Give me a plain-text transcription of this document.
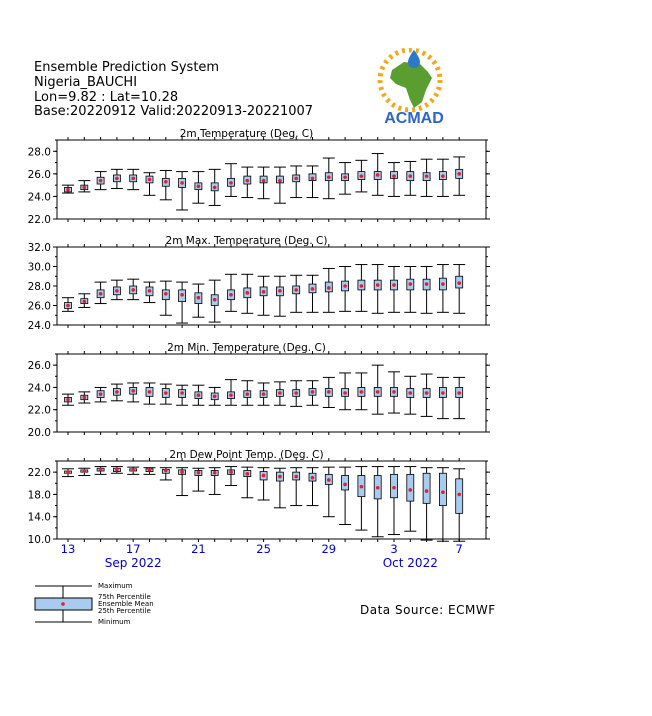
Ensemble Prediction System
Nigeria_BAUCHI
Lon=9.82 : Lat=10.28
Base:20220912 Valid:20220913-20221007	ACMAD
2m Temperature (Deg. C)
22.0
24.0
26.0
28.0
2m Max. Temperature (Deg. C)
24.0
26.0
28.0
30.0
32.0
2m Min. Temperature (Deg. C)
20.0
22.0
24.0
26.0
2m Dew Point Temp. (Deg. C)
10.0
14.0
18.0
22.0
13	17	21	25	29	3	7
Sep 2022	Oct 2022
Maximum
75th Percentile
Ensemble Mean
25th Percentile
Minimum
Data Source: ECMWF
